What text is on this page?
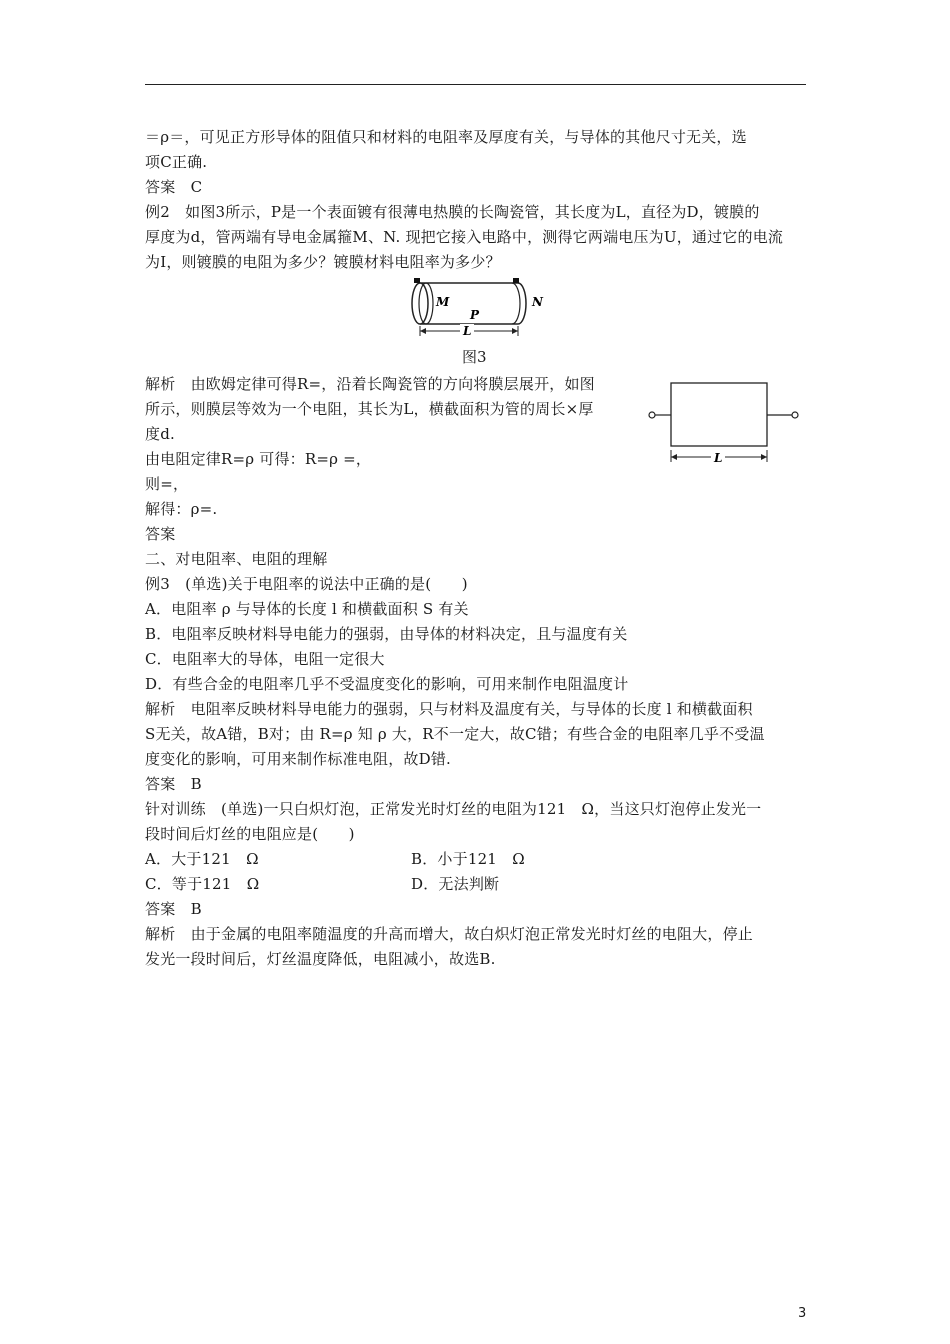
＝ρ＝，可见正方形导体的阻值只和材料的电阻率及厚度有关，与导体的其他尺寸无关，选
项C正确.
答案　C
例2　如图3所示，P是一个表面镀有很薄电热膜的长陶瓷管，其长度为L，直径为D，镀膜的
厚度为d，管两端有导电金属箍M、N. 现把它接入电路中，测得它两端电压为U，通过它的电流
为I，则镀膜的电阻为多少？镀膜材料电阻率为多少？
M	N
P
L
图3
解析　由欧姆定律可得R=，沿着长陶瓷管的方向将膜层展开，如图
所示，则膜层等效为一个电阻，其长为L，横截面积为管的周长×厚
度d.
L
由电阻定律R=ρ 可得：R=ρ =，
则=，
解得：ρ=.
答案
二、对电阻率、电阻的理解
例3　(单选)关于电阻率的说法中正确的是(　　)
A．电阻率 ρ 与导体的长度 l 和横截面积 S 有关
B．电阻率反映材料导电能力的强弱，由导体的材料决定，且与温度有关
C．电阻率大的导体，电阻一定很大
D．有些合金的电阻率几乎不受温度变化的影响，可用来制作电阻温度计
解析　电阻率反映材料导电能力的强弱，只与材料及温度有关，与导体的长度 l 和横截面积
S无关，故A错，B对；由 R=ρ 知 ρ 大，R不一定大，故C错；有些合金的电阻率几乎不受温
度变化的影响，可用来制作标准电阻，故D错.
答案　B
针对训练　(单选)一只白炽灯泡，正常发光时灯丝的电阻为121　Ω，当这只灯泡停止发光一
段时间后灯丝的电阻应是(　　)
A．大于121　Ω	B．小于121　Ω
C．等于121　Ω	D．无法判断
答案　B
解析　由于金属的电阻率随温度的升高而增大，故白炽灯泡正常发光时灯丝的电阻大，停止
发光一段时间后，灯丝温度降低，电阻减小，故选B.
3
